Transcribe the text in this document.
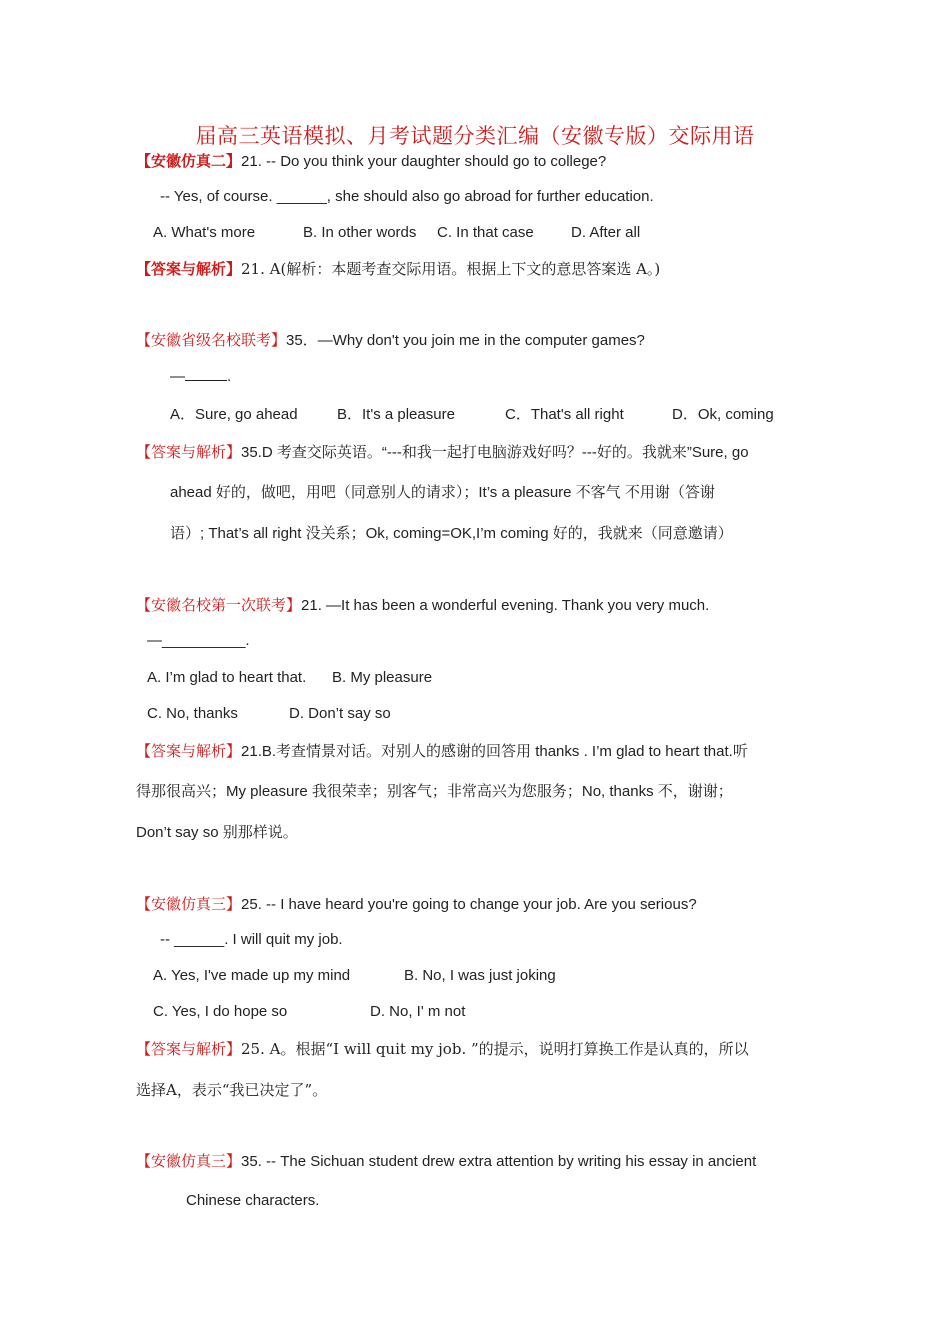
届高三英语模拟、月考试题分类汇编（安徽专版）交际用语
【安徽仿真二】21. -- Do you think your daughter should go to college?
-- Yes, of course. ______, she should also go abroad for further education.
A. What's more	B. In other words C. In that case D. After all
【答案与解析】21. A(解析：本题考查交际用语。根据上下文的意思答案选 A。)
【安徽省级名校联考】35．—Why don't you join me in the computer games?
—	.
A．Sure, go ahead	B．It's a pleasure	C．That's all right	D．Ok, coming
【答案与解析】35.D 考查交际英语。“---和我一起打电脑游戏好吗？---好的。我就来”Sure, go
ahead 好的，做吧，用吧（同意别人的请求）；It’s a pleasure 不客气 不用谢（答谢
语）; That’s all right 没关系；Ok, coming=OK,I’m coming 好的，我就来（同意邀请）
【安徽名校第一次联考】21. —It has been a wonderful evening. Thank you very much.
—__________.
A. I’m glad to heart that. B. My pleasure
C. No, thanks	D. Don’t say so
【答案与解析】21.B.考查情景对话。对别人的感谢的回答用 thanks . I’m glad to heart that.听
得那很高兴；My pleasure 我很荣幸；别客气；非常高兴为您服务；No, thanks 不，谢谢；
Don’t say so 别那样说。
【安徽仿真三】25. -- I have heard you're going to change your job. Are you serious?
-- ______. I will quit my job.
A. Yes, I've made up my mind	B. No, I was just joking
C. Yes, I do hope so	D. No, I' m not
【答案与解析】25. A。根据“I will quit my job. ”的提示，说明打算换工作是认真的，所以
选择A，表示“我已决定了”。
【安徽仿真三】35. -- The Sichuan student drew extra attention by writing his essay in ancient
Chinese characters.
